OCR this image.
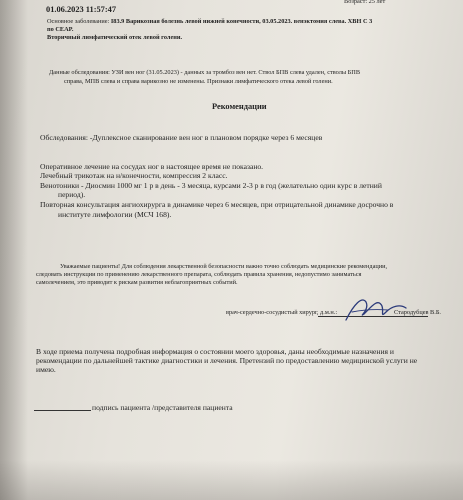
01.06.2023 11:57:47
Возраст: 25 лет
Основное заболевание: I83.9 Варикозная болезнь левой нижней конечности, 03.05.2023. венэктомия слева. ХВН С 3
по CEAP.
Вторичный лимфатический отек левой голени.
Данные обследования: УЗИ вен ног (31.05.2023) - данных за тромбоз вен нет. Ствол БПВ слева удален, стволы БПВ
справа, МПВ слева и справа варикозно не изменены. Признаки лимфатического отека левой голени.
Рекомендации
Обследования: -Дуплексное сканирование вен ног в плановом порядке через 6 месяцев
Оперативное лечение на сосудах ног в настоящее время не показано.
Лечебный трикотаж на н/конечности, компрессия 2 класс.
Венотоники - Диосмин 1000 мг 1 р в день - 3 месяца, курсами 2-3 р в год (желательно один курс в летний
период).
Повторная консультация ангиохирурга в динамике через 6 месяцев, при отрицательной динамике досрочно в
институте лимфологии (МСЧ 168).
Уважаемые пациенты! Для соблюдения лекарственной безопасности важно точно соблюдать медицинские рекомендации,
следовать инструкции по применению лекарственного препарата, соблюдать правила хранения, недопустимо заниматься
самолечением, это приводит к рискам развития неблагоприятных событий.
врач-сердечно-сосудистый хирург, д.м.н.:	Стародубцев В.Б.
В ходе приема получена подробная информация о состоянии моего здоровья, даны необходимые назначения и
рекомендации по дальнейшей тактике диагностики и лечения. Претензий по предоставлению медицинской услуги не
имею.
подпись пациента /представителя пациента
